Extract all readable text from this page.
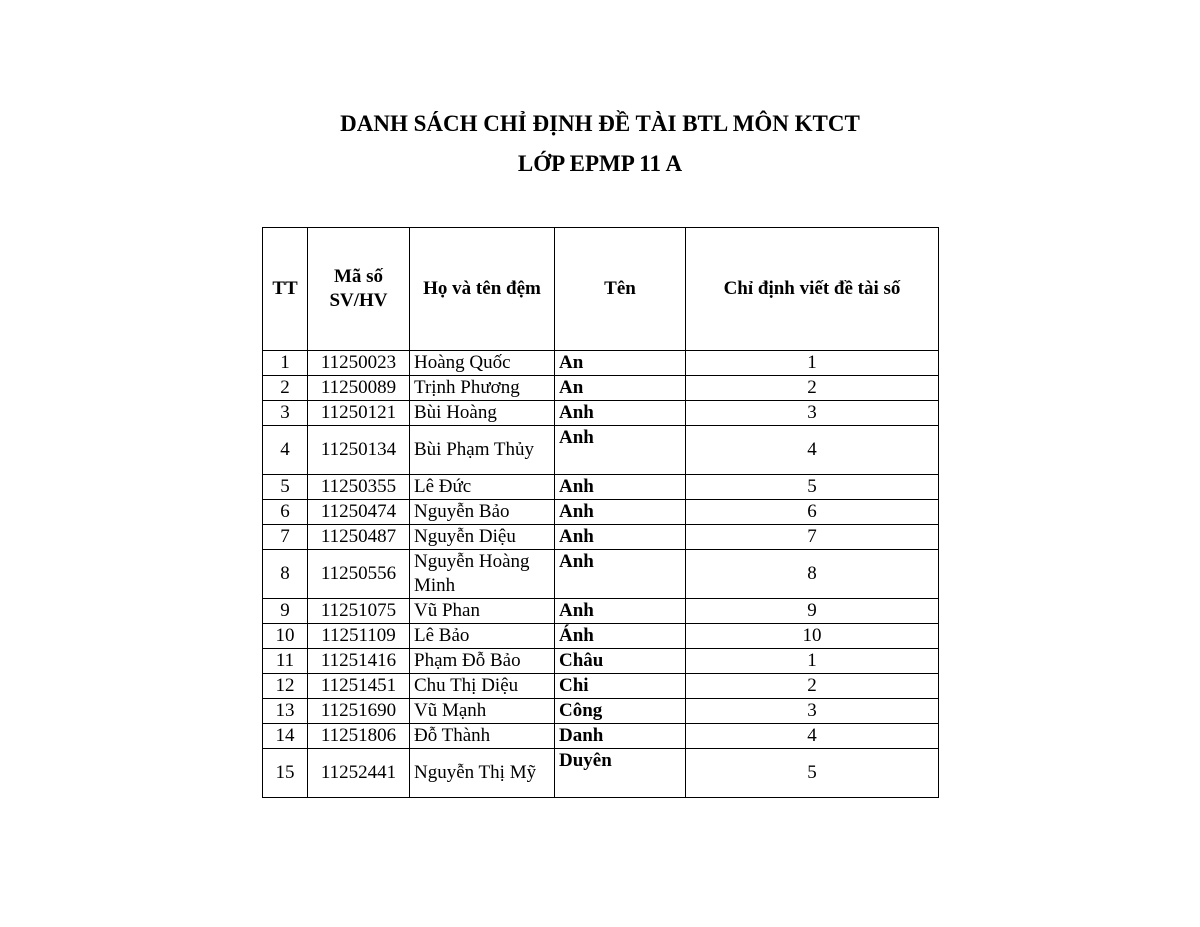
DANH SÁCH CHỈ ĐỊNH ĐỀ TÀI BTL MÔN KTCT
LỚP EPMP 11 A
TT	Mã số SV/HV	Họ và tên đệm	Tên	Chỉ định viết đề tài số
1	11250023	Hoàng Quốc	An	1
2	11250089	Trịnh Phương	An	2
3	11250121	Bùi Hoàng	Anh	3
4	11250134	Bùi Phạm Thủy	Anh	4
5	11250355	Lê Đức	Anh	5
6	11250474	Nguyễn Bảo	Anh	6
7	11250487	Nguyễn Diệu	Anh	7
8	11250556	Nguyễn Hoàng Minh	Anh	8
9	11251075	Vũ Phan	Anh	9
10	11251109	Lê Bảo	Ánh	10
11	11251416	Phạm Đỗ Bảo	Châu	1
12	11251451	Chu Thị Diệu	Chi	2
13	11251690	Vũ Mạnh	Công	3
14	11251806	Đỗ Thành	Danh	4
15	11252441	Nguyễn Thị Mỹ	Duyên	5
